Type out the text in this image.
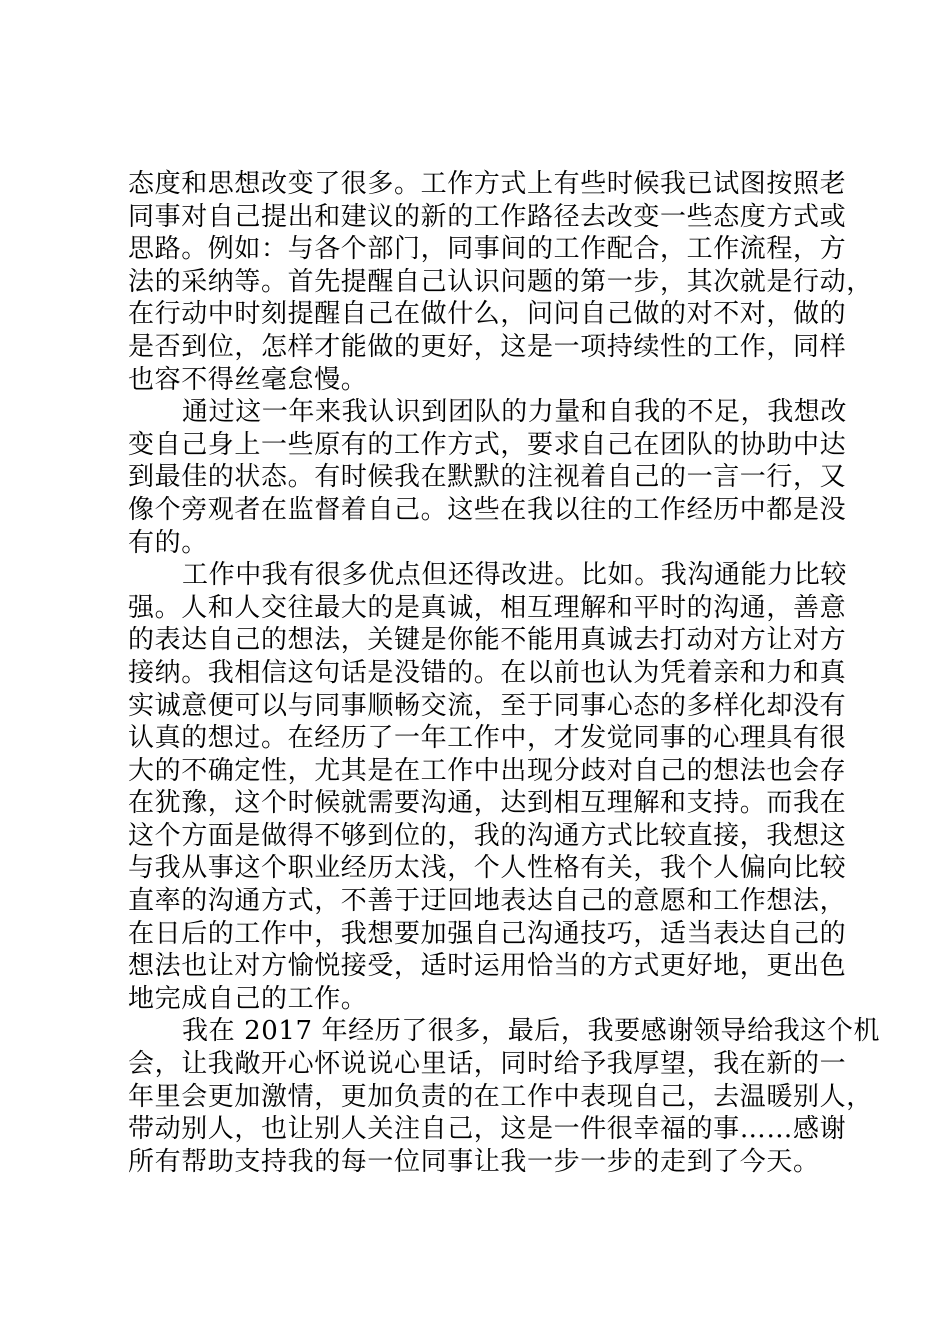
态度和思想改变了很多。工作方式上有些时候我已试图按照老
同事对自己提出和建议的新的工作路径去改变一些态度方式或
思路。例如：与各个部门，同事间的工作配合，工作流程，方
法的采纳等。首先提醒自己认识问题的第一步，其次就是行动，
在行动中时刻提醒自己在做什么，问问自己做的对不对，做的
是否到位，怎样才能做的更好，这是一项持续性的工作，同样
也容不得丝毫怠慢。
通过这一年来我认识到团队的力量和自我的不足，我想改
变自己身上一些原有的工作方式，要求自己在团队的协助中达
到最佳的状态。有时候我在默默的注视着自己的一言一行，又
像个旁观者在监督着自己。这些在我以往的工作经历中都是没
有的。
工作中我有很多优点但还得改进。比如。我沟通能力比较
强。人和人交往最大的是真诚，相互理解和平时的沟通，善意
的表达自己的想法，关键是你能不能用真诚去打动对方让对方
接纳。我相信这句话是没错的。在以前也认为凭着亲和力和真
实诚意便可以与同事顺畅交流，至于同事心态的多样化却没有
认真的想过。在经历了一年工作中，才发觉同事的心理具有很
大的不确定性，尤其是在工作中出现分歧对自己的想法也会存
在犹豫，这个时候就需要沟通，达到相互理解和支持。而我在
这个方面是做得不够到位的，我的沟通方式比较直接，我想这
与我从事这个职业经历太浅，个人性格有关，我个人偏向比较
直率的沟通方式，不善于迂回地表达自己的意愿和工作想法，
在日后的工作中，我想要加强自己沟通技巧，适当表达自己的
想法也让对方愉悦接受，适时运用恰当的方式更好地，更出色
地完成自己的工作。
我在 2017 年经历了很多，最后，我要感谢领导给我这个机
会，让我敞开心怀说说心里话，同时给予我厚望，我在新的一
年里会更加激情，更加负责的在工作中表现自己，去温暖别人，
带动别人，也让别人关注自己，这是一件很幸福的事……感谢
所有帮助支持我的每一位同事让我一步一步的走到了今天。
